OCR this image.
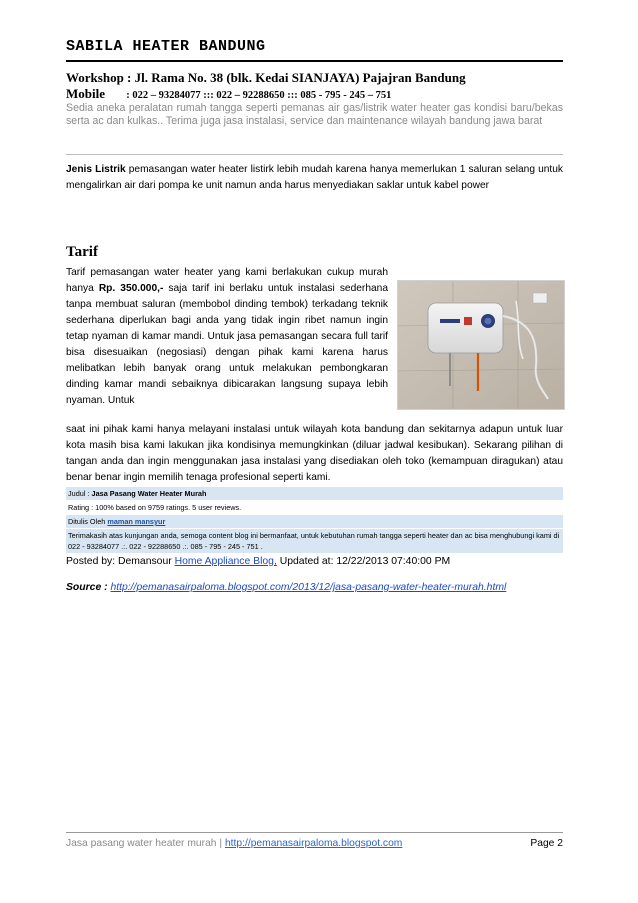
SABILA HEATER BANDUNG
Workshop : Jl. Rama No. 38 (blk. Kedai SIANJAYA) Pajajran Bandung
Mobile : 022 – 93284077 ::: 022 – 92288650 ::: 085 - 795 - 245 – 751
Sedia aneka peralatan rumah tangga seperti pemanas air gas/listrik water heater gas kondisi baru/bekas serta ac dan kulkas.. Terima juga jasa instalasi, service dan maintenance wilayah bandung jawa barat
Jenis Listrik pemasangan water heater listirk lebih mudah karena hanya memerlukan 1 saluran selang untuk mengalirkan air dari pompa ke unit namun anda harus menyediakan saklar untuk kabel power
Tarif
Tarif pemasangan water heater yang kami berlakukan cukup murah hanya Rp. 350.000,- saja tarif ini berlaku untuk instalasi sederhana tanpa membuat saluran (membobol dinding tembok) terkadang teknik sederhana diperlukan bagi anda yang tidak ingin ribet namun ingin tetap nyaman di kamar mandi. Untuk jasa pemasangan secara full tarif bisa disesuaikan (negosiasi) dengan pihak kami karena harus melibatkan lebih banyak orang untuk melakukan pembongkaran dinding kamar mandi sebaiknya dibicarakan langsung supaya lebih nyaman. Untuk
saat ini pihak kami hanya melayani instalasi untuk wilayah kota bandung dan sekitarnya adapun untuk luar kota masih bisa kami lakukan jika kondisinya memungkinkan (diluar jadwal kesibukan). Sekarang pilihan di tangan anda dan ingin menggunakan jasa instalasi yang disediakan oleh toko (kemampuan diragukan) atau benar benar ingin memilih tenaga profesional seperti kami.
Judul : Jasa Pasang Water Heater Murah
Rating : 100% based on 9759 ratings. 5 user reviews.
Ditulis Oleh maman mansyur
Terimakasih atas kunjungan anda, semoga content blog ini bermanfaat, untuk kebutuhan rumah tangga seperti heater dan ac bisa menghubungi kami di 022 - 93284077 .:. 022 - 92288650 .:. 085 - 795 - 245 - 751 .
Posted by: Demansour Home Appliance Blog, Updated at: 12/22/2013 07:40:00 PM
Source : http://pemanasairpaloma.blogspot.com/2013/12/jasa-pasang-water-heater-murah.html
Jasa pasang water heater murah | http://pemanasairpaloma.blogspot.com	Page 2
